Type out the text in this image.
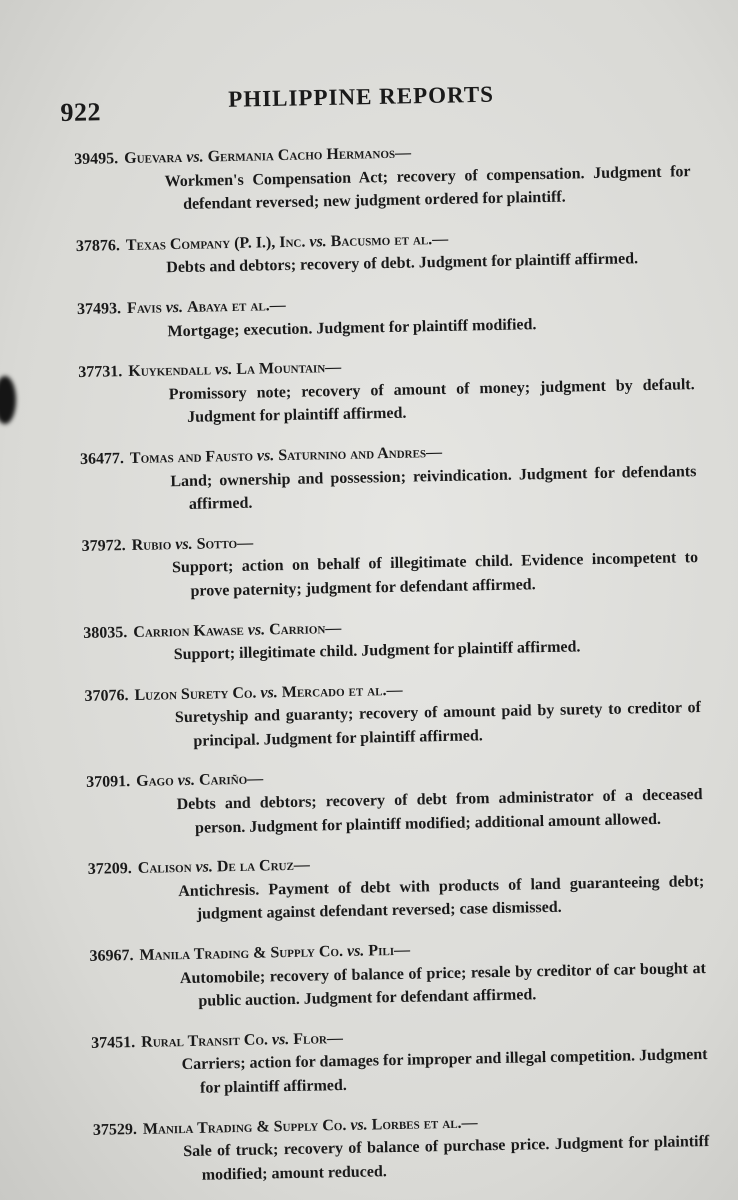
922
PHILIPPINE REPORTS
39495. Guevara vs. Germania Cacho Hermanos—
Workmen's Compensation Act; recovery of compensation. Judgment for defendant reversed; new judgment ordered for plaintiff.
37876. Texas Company (P. I.), Inc. vs. Bacusmo et al.—
Debts and debtors; recovery of debt. Judgment for plaintiff affirmed.
37493. Favis vs. Abaya et al.—
Mortgage; execution. Judgment for plaintiff modified.
37731. Kuykendall vs. La Mountain—
Promissory note; recovery of amount of money; judgment by default. Judgment for plaintiff affirmed.
36477. Tomas and Fausto vs. Saturnino and Andres—
Land; ownership and possession; reivindication. Judgment for defendants affirmed.
37972. Rubio vs. Sotto—
Support; action on behalf of illegitimate child. Evidence incompetent to prove paternity; judgment for defendant affirmed.
38035. Carrion Kawase vs. Carrion—
Support; illegitimate child. Judgment for plaintiff affirmed.
37076. Luzon Surety Co. vs. Mercado et al.—
Suretyship and guaranty; recovery of amount paid by surety to creditor of principal. Judgment for plaintiff affirmed.
37091. Gago vs. Cariño—
Debts and debtors; recovery of debt from administrator of a deceased person. Judgment for plaintiff modified; additional amount allowed.
37209. Calison vs. De la Cruz—
Antichresis. Payment of debt with products of land guaranteeing debt; judgment against defendant reversed; case dismissed.
36967. Manila Trading & Supply Co. vs. Pili—
Automobile; recovery of balance of price; resale by creditor of car bought at public auction. Judgment for defendant affirmed.
37451. Rural Transit Co. vs. Flor—
Carriers; action for damages for improper and illegal competition. Judgment for plaintiff affirmed.
37529. Manila Trading & Supply Co. vs. Lorbes et al.—
Sale of truck; recovery of balance of purchase price. Judgment for plaintiff modified; amount reduced.
